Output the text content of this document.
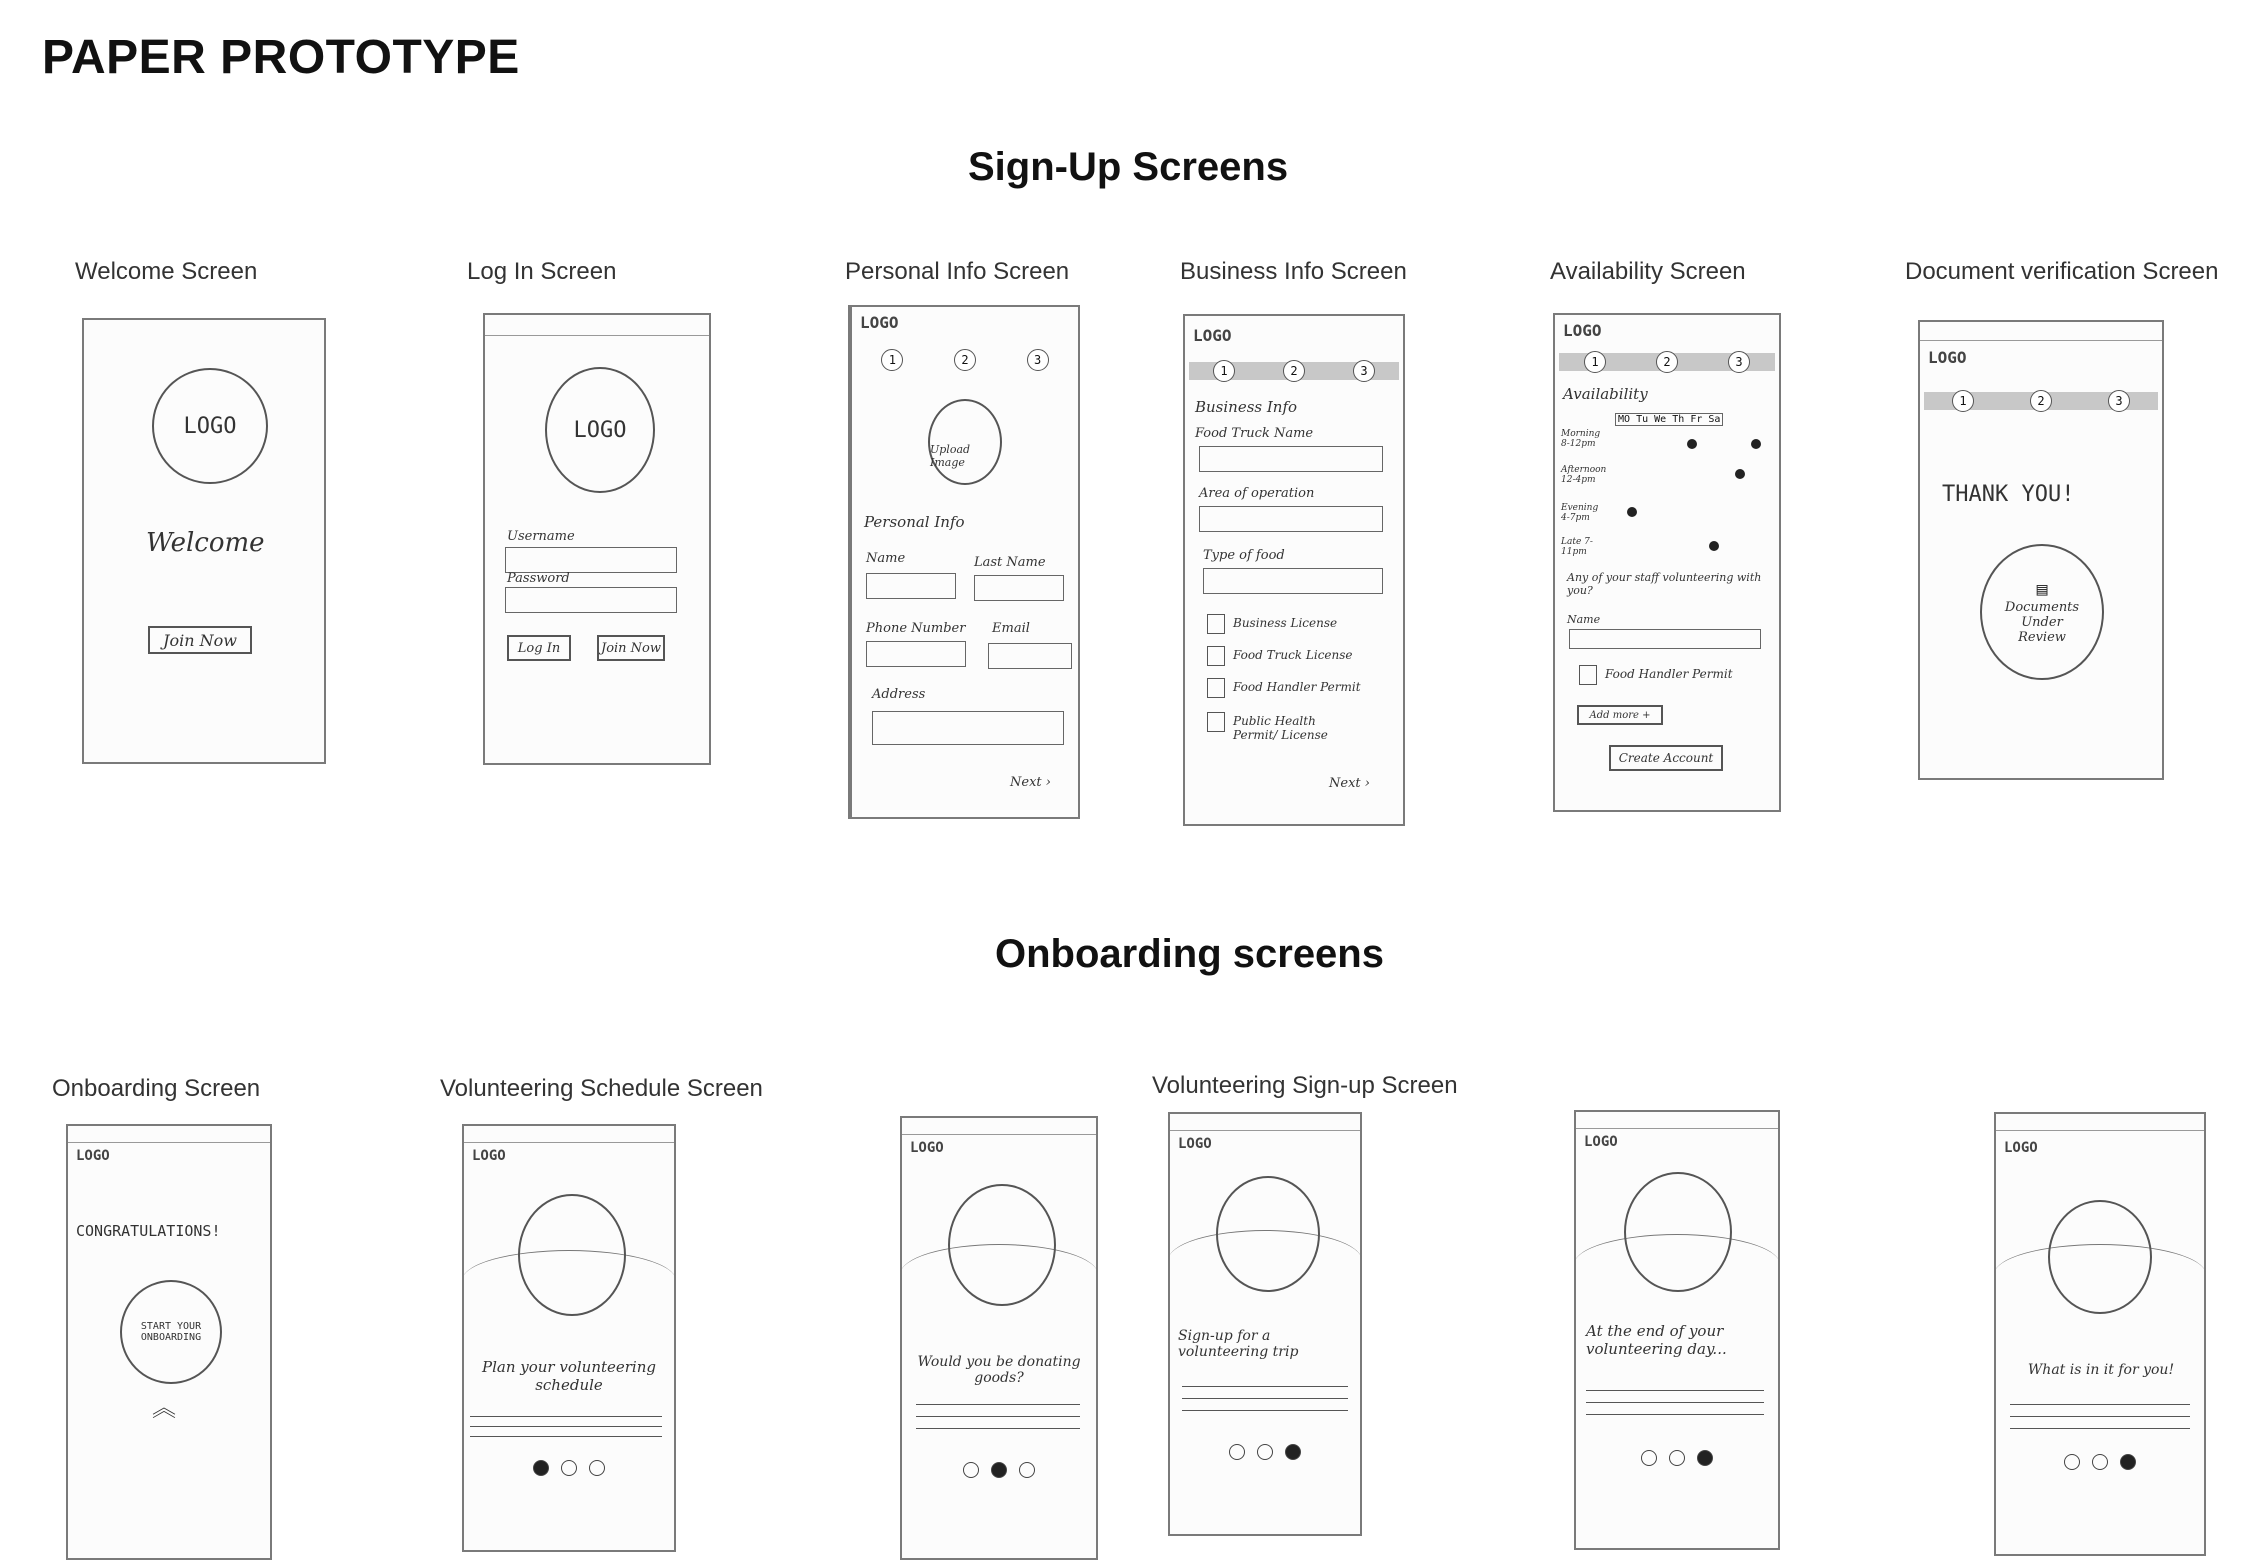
PAPER PROTOTYPE
Sign-Up Screens
Onboarding screens
Welcome Screen
LOGO
Welcome
Join Now
Log In Screen
LOGO
Username
Password
Log In	Join Now
Personal Info Screen
LOGO
1	2	3
Upload Image
Personal Info
Name	Last Name
Phone Number Email
Address
Next ›
Business Info Screen
LOGO
1	2	3
Business Info
Food Truck Name
Area of operation
Type of food
Business License
Food Truck License
Food Handler Permit
Public Health Permit/ License
Next ›
Availability Screen
LOGO
1	2	3
Availability
MO Tu We Th Fr Sa
Morning 8-12pm
Afternoon 12-4pm
Evening 4-7pm
Late 7-11pm
Any of your staff volunteering with you?
Name
Food Handler Permit
Add more +
Create Account
Document verification Screen
LOGO
1	2	3
THANK YOU!
▤
Documents Under Review
Onboarding Screen
LOGO
CONGRATULATIONS!
START YOUR ONBOARDING
︽
Volunteering Schedule Screen
LOGO
Plan your volunteering schedule
Volunteering Sign-up Screen
LOGO
Would you be donating goods?
LOGO
Sign-up for a volunteering trip
LOGO
At the end of your volunteering day...
LOGO
What is in it for you!
